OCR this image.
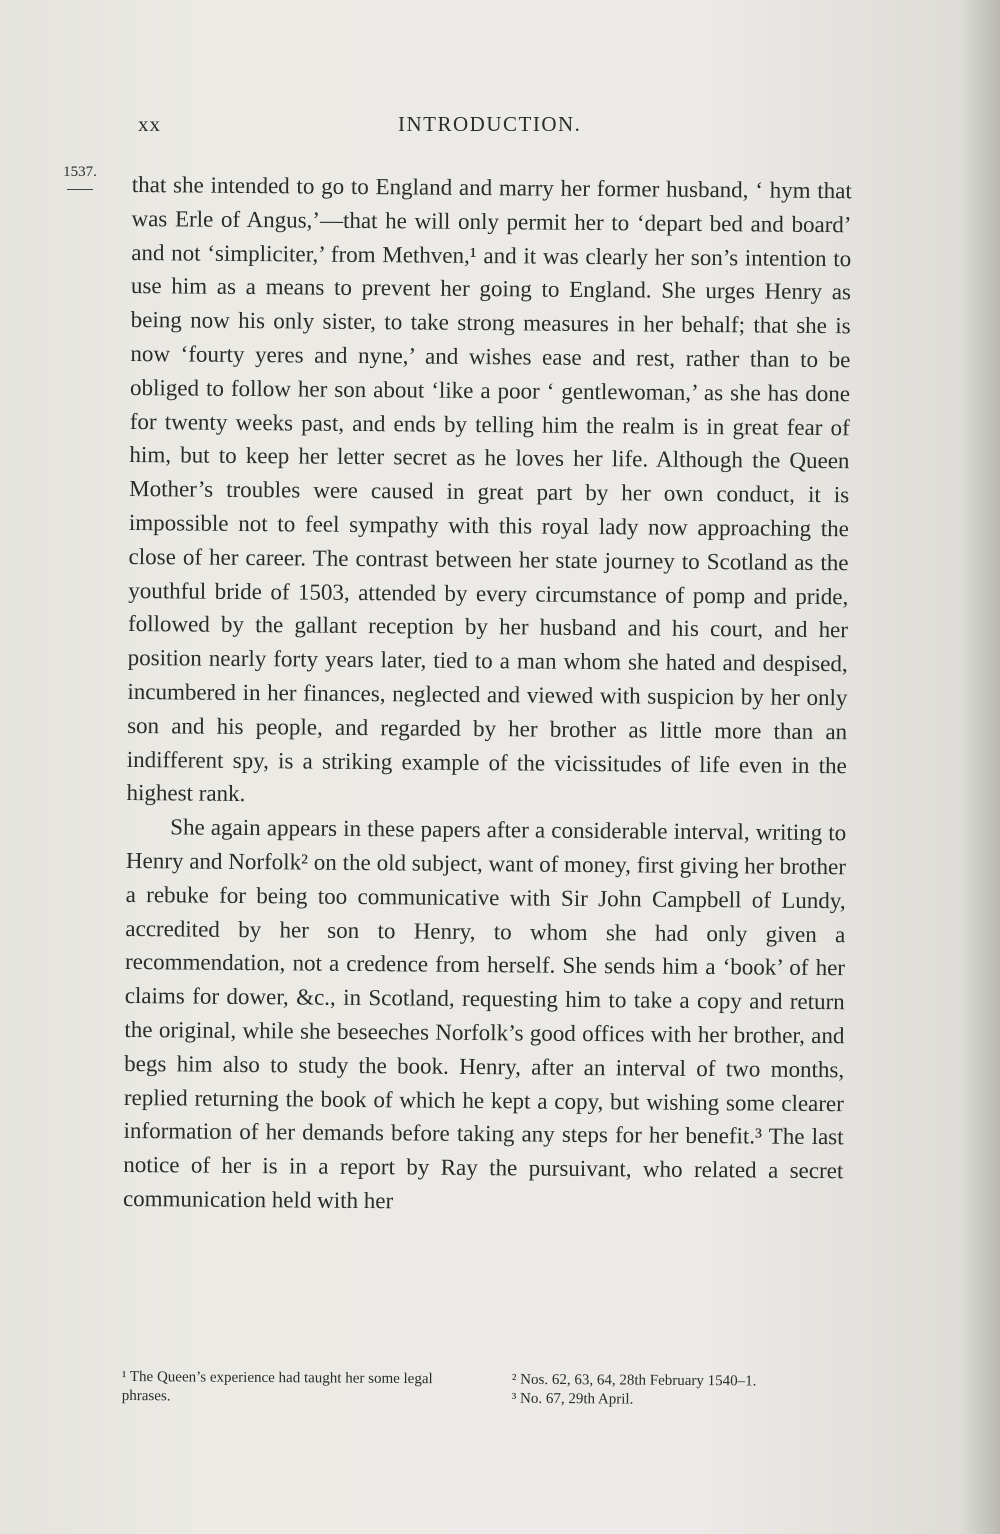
xx	INTRODUCTION.
1537. that she intended to go to England and marry her former husband, ‘ hym that was Erle of Angus,’—that he will only permit her to ‘depart bed and board’ and not ‘simpliciter,’ from Methven,¹ and it was clearly her son’s intention to use him as a means to prevent her going to England. She urges Henry as being now his only sister, to take strong measures in her behalf; that she is now ‘fourty yeres and nyne,’ and wishes ease and rest, rather than to be obliged to follow her son about ‘like a poor ‘ gentlewoman,’ as she has done for twenty weeks past, and ends by telling him the realm is in great fear of him, but to keep her letter secret as he loves her life. Although the Queen Mother’s troubles were caused in great part by her own conduct, it is impossible not to feel sympathy with this royal lady now approaching the close of her career. The contrast between her state journey to Scotland as the youthful bride of 1503, attended by every circumstance of pomp and pride, followed by the gallant reception by her husband and his court, and her position nearly forty years later, tied to a man whom she hated and despised, incumbered in her finances, neglected and viewed with suspicion by her only son and his people, and regarded by her brother as little more than an indifferent spy, is a striking example of the vicissitudes of life even in the highest rank.

She again appears in these papers after a considerable interval, writing to Henry and Norfolk² on the old subject, want of money, first giving her brother a rebuke for being too communicative with Sir John Campbell of Lundy, accredited by her son to Henry, to whom she had only given a recommendation, not a credence from herself. She sends him a ‘book’ of her claims for dower, &c., in Scotland, requesting him to take a copy and return the original, while she beseeches Norfolk’s good offices with her brother, and begs him also to study the book. Henry, after an interval of two months, replied returning the book of which he kept a copy, but wishing some clearer information of her demands before taking any steps for her benefit.³ The last notice of her is in a report by Ray the pursuivant, who related a secret communication held with her

¹ The Queen’s experience had taught her some legal phrases.

² Nos. 62, 63, 64, 28th February 1540–1.

³ No. 67, 29th April.
